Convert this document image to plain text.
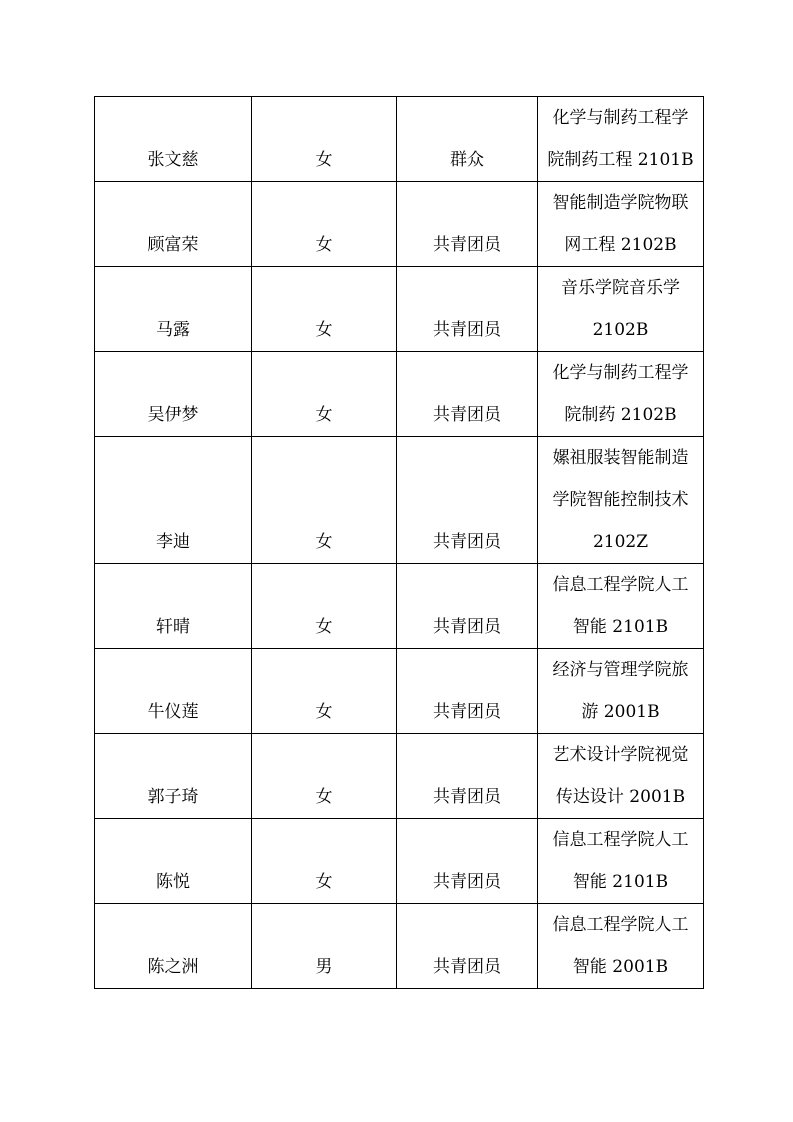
张文慈	女	群众	化学与制药工程学
院制药工程 2101B

顾富荣	女	共青团员	智能制造学院物联
网工程 2102B

马露	女	共青团员	音乐学院音乐学
2102B

吴伊梦	女	共青团员	化学与制药工程学
院制药 2102B

李迪	女	共青团员	嫘祖服装智能制造
学院智能控制技术
2102Z

轩晴	女	共青团员	信息工程学院人工
智能 2101B

牛仪莲	女	共青团员	经济与管理学院旅
游 2001B

郭子琦	女	共青团员	艺术设计学院视觉
传达设计 2001B

陈悦	女	共青团员	信息工程学院人工
智能 2101B

陈之洲	男	共青团员	信息工程学院人工
智能 2001B
